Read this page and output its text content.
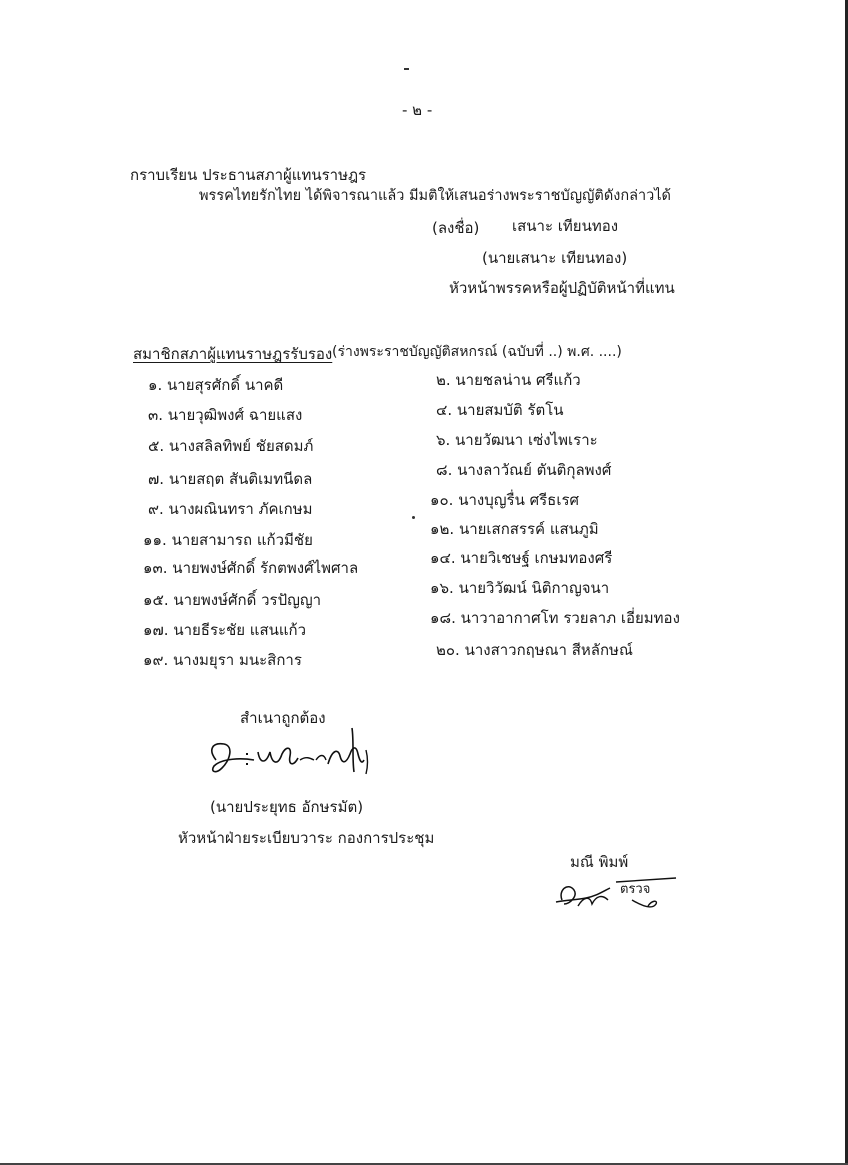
- ๒ -
กราบเรียน ประธานสภาผู้แทนราษฎร
พรรคไทยรักไทย ได้พิจารณาแล้ว มีมติให้เสนอร่างพระราชบัญญัติดังกล่าวได้
(ลงชื่อ) เสนาะ เทียนทอง
(นายเสนาะ เทียนทอง)
หัวหน้าพรรคหรือผู้ปฏิบัติหน้าที่แทน
สมาชิกสภาผู้แทนราษฎรรับรอง (ร่างพระราชบัญญัติสหกรณ์ (ฉบับที่ ..) พ.ศ. ....)
๑. นายสุรศักดิ์ นาคดี
๓. นายวุฒิพงศ์ ฉายแสง
๕. นางสลิลทิพย์ ชัยสดมภ์
๗. นายสฤต สันติเมทนีดล
๙. นางผณินทรา ภัคเกษม
๑๑. นายสามารถ แก้วมีชัย
๑๓. นายพงษ์ศักดิ์ รักตพงศ์ไพศาล
๑๕. นายพงษ์ศักดิ์ วรปัญญา
๑๗. นายธีระชัย แสนแก้ว
๑๙. นางมยุรา มนะสิการ
๒. นายชลน่าน ศรีแก้ว
๔. นายสมบัติ รัตโน
๖. นายวัฒนา เซ่งไพเราะ
๘. นางลาวัณย์ ตันติกุลพงศ์
๑๐. นางบุญรื่น ศรีธเรศ
๑๒. นายเสกสรรค์ แสนภูมิ
๑๔. นายวิเชษฐ์ เกษมทองศรี
๑๖. นายวิวัฒน์ นิติกาญจนา
๑๘. นาวาอากาศโท รวยลาภ เอี่ยมทอง
๒๐. นางสาวกฤษณา สีหลักษณ์
สำเนาถูกต้อง
(นายประยุทธ อักษรมัต)
หัวหน้าฝ่ายระเบียบวาระ กองการประชุม
มณี พิมพ์
ตรวจ
